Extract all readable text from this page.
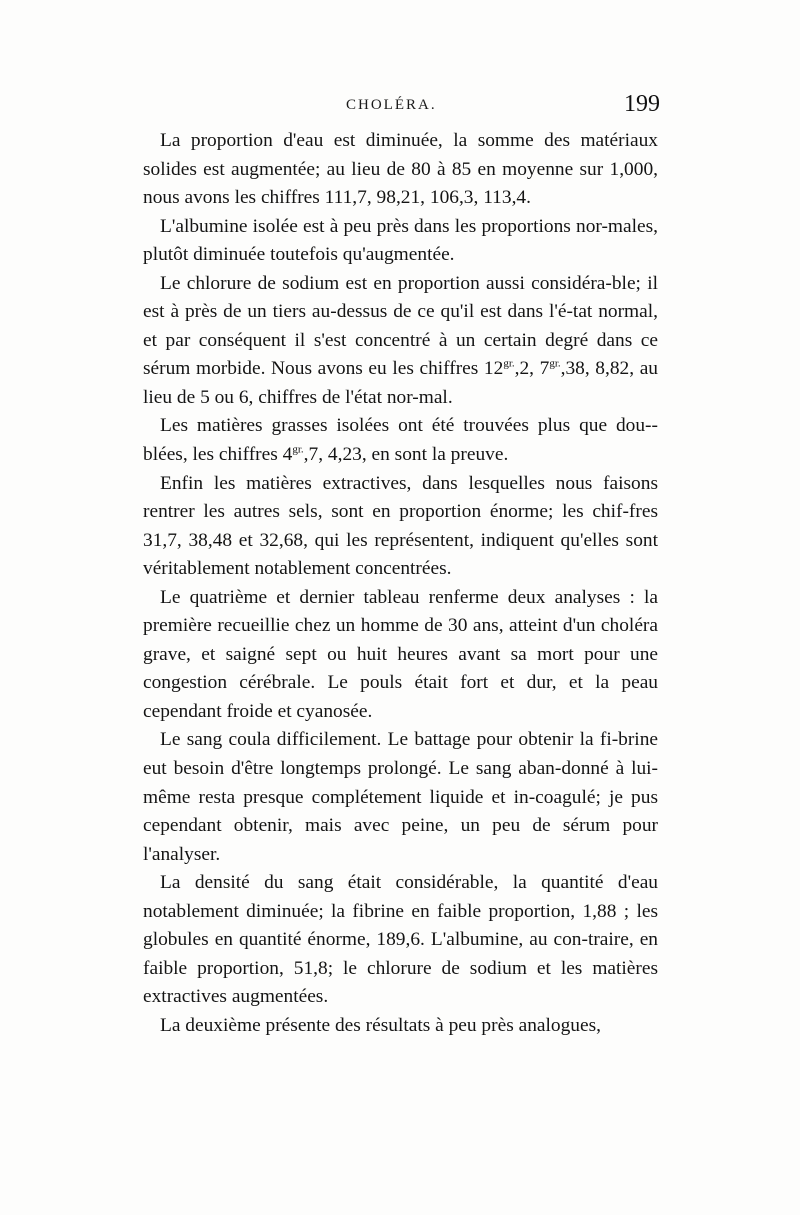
CHOLÉRA.	199

La proportion d'eau est diminuée, la somme des matériaux solides est augmentée; au lieu de 80 à 85 en moyenne sur 1,000, nous avons les chiffres 111,7, 98,21, 106,3, 113,4.

L'albumine isolée est à peu près dans les proportions nor-males, plutôt diminuée toutefois qu'augmentée.

Le chlorure de sodium est en proportion aussi considéra-ble; il est à près de un tiers au-dessus de ce qu'il est dans l'é-tat normal, et par conséquent il s'est concentré à un certain degré dans ce sérum morbide. Nous avons eu les chiffres $12^{gr.},2$, $7^{gr.},38$, 8,82, au lieu de 5 ou 6, chiffres de l'état nor-mal.

Les matières grasses isolées ont été trouvées plus que dou-blées, les chiffres $4^{gr.},7$, 4,23, en sont la preuve.

Enfin les matières extractives, dans lesquelles nous faisons rentrer les autres sels, sont en proportion énorme; les chif-fres 31,7, 38,48 et 32,68, qui les représentent, indiquent qu'elles sont véritablement notablement concentrées.

Le quatrième et dernier tableau renferme deux analyses : la première recueillie chez un homme de 30 ans, atteint d'un choléra grave, et saigné sept ou huit heures avant sa mort pour une congestion cérébrale. Le pouls était fort et dur, et la peau cependant froide et cyanosée.

Le sang coula difficilement. Le battage pour obtenir la fi-brine eut besoin d'être longtemps prolongé. Le sang aban-donné à lui-même resta presque complétement liquide et in-coagulé; je pus cependant obtenir, mais avec peine, un peu de sérum pour l'analyser.

La densité du sang était considérable, la quantité d'eau notablement diminuée; la fibrine en faible proportion, 1,88 ; les globules en quantité énorme, 189,6. L'albumine, au con-traire, en faible proportion, 51,8; le chlorure de sodium et les matières extractives augmentées.

La deuxième présente des résultats à peu près analogues,
